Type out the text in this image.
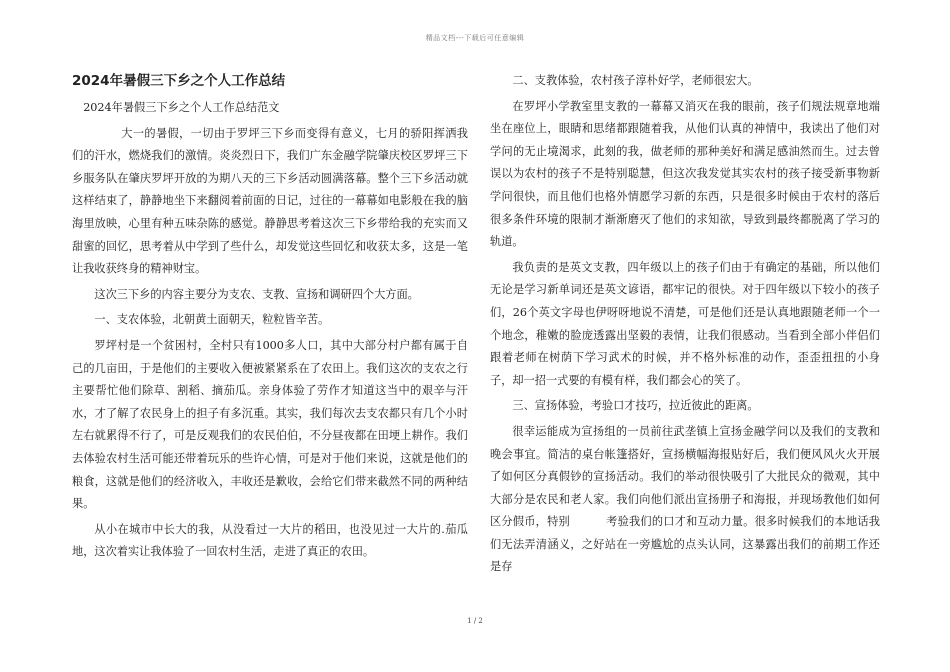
精品文档---下载后可任意编辑
2024年暑假三下乡之个人工作总结

2024年暑假三下乡之个人工作总结范文

大一的暑假，一切由于罗坪三下乡而变得有意义，七月的骄阳挥洒我们的汗水，燃烧我们的激情。炎炎烈日下，我们广东金融学院肇庆校区罗坪三下乡服务队在肇庆罗坪开放的为期八天的三下乡活动圆满落幕。整个三下乡活动就这样结束了，静静地坐下来翻阅着前面的日记，过往的一幕幕如电影般在我的脑海里放映，心里有种五味杂陈的感觉。静静思考着这次三下乡带给我的充实而又甜蜜的回忆，思考着从中学到了些什么，却发觉这些回忆和收获太多，这是一笔让我收获终身的精神财宝。

这次三下乡的内容主要分为支农、支教、宣扬和调研四个大方面。

一、支农体验，北朝黄土面朝天，粒粒皆辛苦。

罗坪村是一个贫困村，全村只有1000多人口，其中大部分村户都有属于自己的几亩田，于是他们的主要收入便被紧紧系在了农田上。我们这次的支农之行主要帮忙他们除草、割稻、摘茄瓜。亲身体验了劳作才知道这当中的艰辛与汗水，才了解了农民身上的担子有多沉重。其实，我们每次去支农都只有几个小时左右就累得不行了，可是反观我们的农民伯伯，不分昼夜都在田埂上耕作。我们去体验农村生活可能还带着玩乐的些许心情，可是对于他们来说，这就是他们的粮食，这就是他们的经济收入，丰收还是歉收，会给它们带来截然不同的两种结果。

从小在城市中长大的我，从没看过一大片的稻田，也没见过一大片的.茄瓜地，这次着实让我体验了一回农村生活，走进了真正的农田。

二、支教体验，农村孩子淳朴好学，老师很宏大。

在罗坪小学教室里支教的一幕幕又消灭在我的眼前，孩子们规法规章地端坐在座位上，眼睛和思绪都跟随着我，从他们认真的神情中，我读出了他们对学问的无止境渴求，此刻的我，做老师的那种美好和满足感油然而生。过去曾误以为农村的孩子不是特别聪慧，但这次我发觉其实农村的孩子接受新事物新学问很快，而且他们也格外情愿学习新的东西，只是很多时候由于农村的落后很多条件环境的限制才渐渐磨灭了他们的求知欲，导致到最终都脱离了学习的轨道。

我负责的是英文支教，四年级以上的孩子们由于有确定的基础，所以他们无论是学习新单词还是英文谚语，都牢记的很快。对于四年级以下较小的孩子们，26个英文字母也伊呀呀地说不清楚，可是他们还是认真地跟随老师一个一个地念，稚嫩的脸庞透露出坚毅的表情，让我们很感动。当看到全部小伴侣们跟着老师在树荫下学习武术的时候，并不格外标准的动作，歪歪扭扭的小身子，却一招一式要的有模有样，我们都会心的笑了。

三、宣扬体验，考验口才技巧，拉近彼此的距离。

很幸运能成为宣扬组的一员前往武垄镇上宣扬金融学问以及我们的支教和晚会事宜。简洁的桌台帐篷搭好，宣扬横幅海报贴好后，我们便风风火火开展了如何区分真假钞的宣扬活动。我们的举动很快吸引了大批民众的微观，其中大部分是农民和老人家。我们向他们派出宣扬册子和海报，并现场教他们如何区分假币，特别	考验我们的口才和互动力量。很多时候我们的本地话我们无法弄清涵义，之好站在一旁尴尬的点头认同，这暴露出我们的前期工作还是存

1 / 2
